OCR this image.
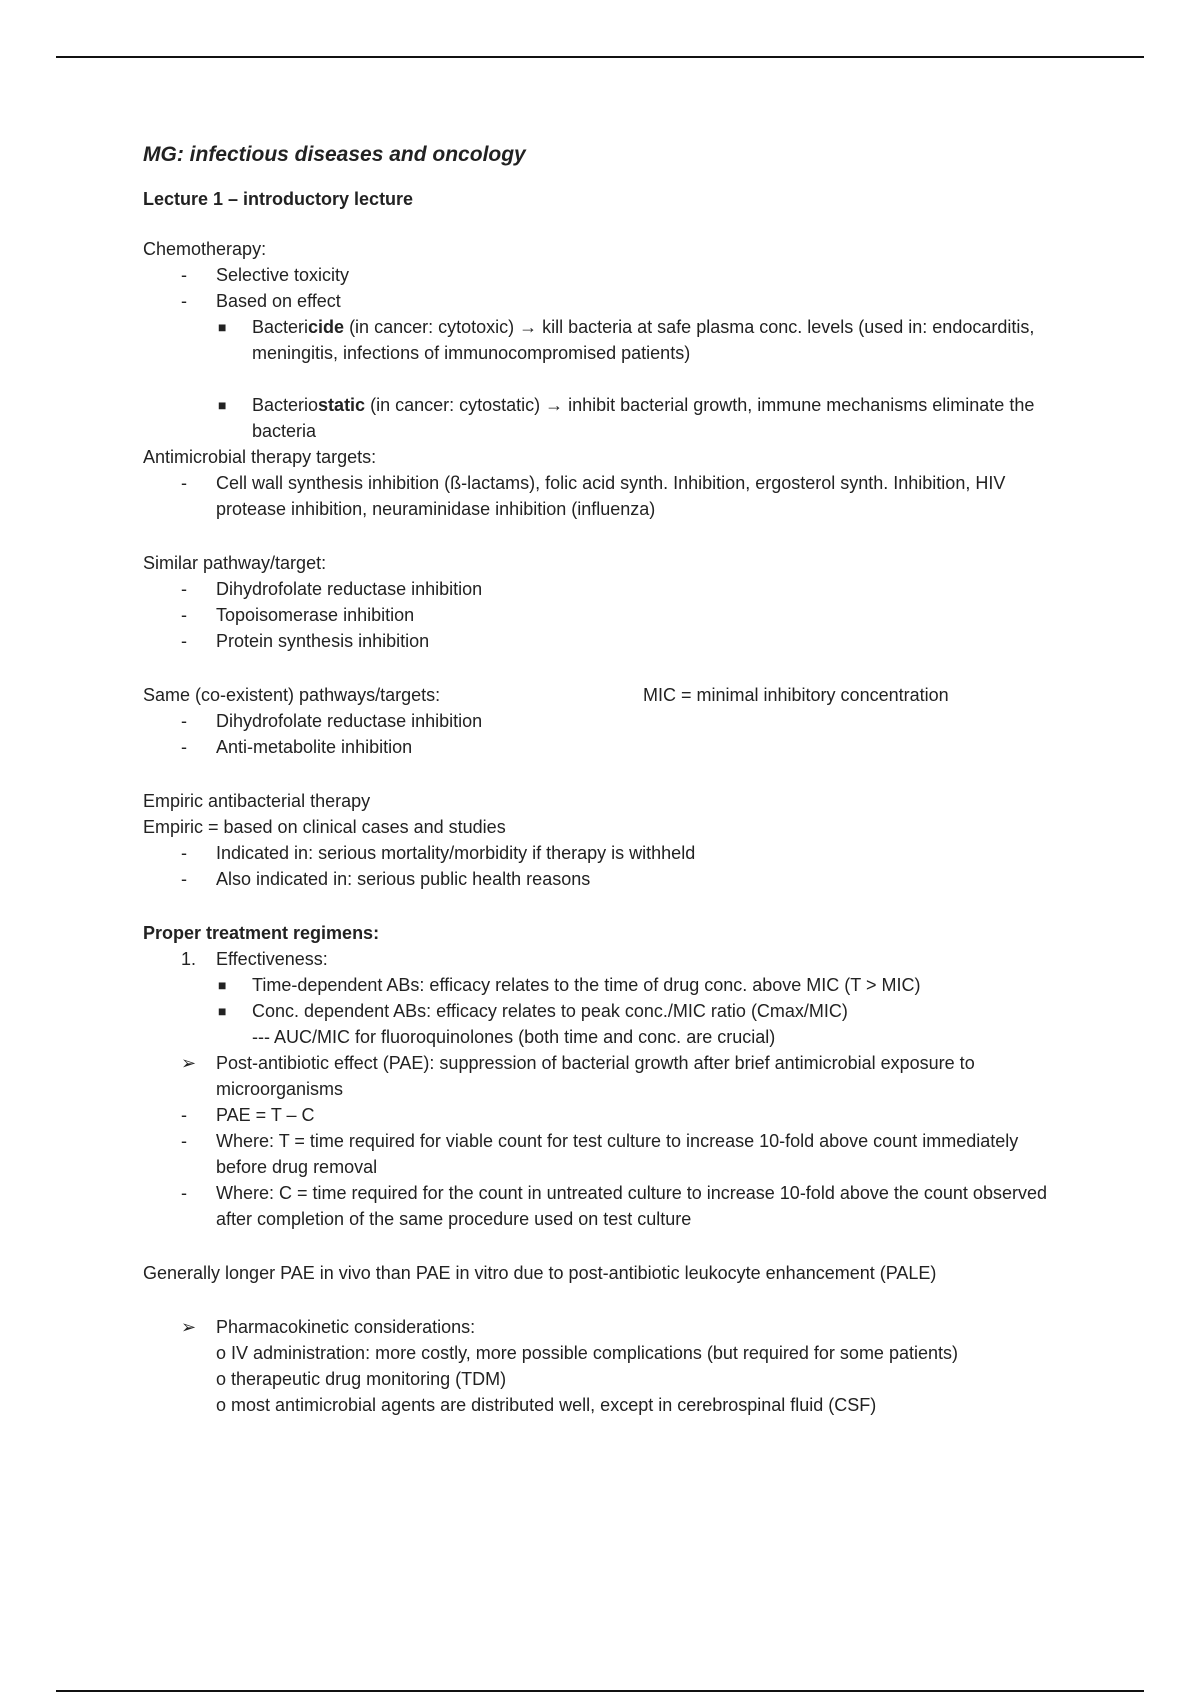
MG: infectious diseases and oncology

Lecture 1 – introductory lecture

Chemotherapy:

- Selective toxicity

- Based on effect

■ Bactericide (in cancer: cytotoxic) → kill bacteria at safe plasma conc. levels (used in: endocarditis, meningitis, infections of immunocompromised patients)

■ Bacteriostatic (in cancer: cytostatic) → inhibit bacterial growth, immune mechanisms eliminate the bacteria

Antimicrobial therapy targets:

- Cell wall synthesis inhibition (ß-lactams), folic acid synth. Inhibition, ergosterol synth. Inhibition, HIV protease inhibition, neuraminidase inhibition (influenza)

Similar pathway/target:

- Dihydrofolate reductase inhibition

- Topoisomerase inhibition

- Protein synthesis inhibition

Same (co-existent) pathways/targets:	MIC = minimal inhibitory concentration

- Dihydrofolate reductase inhibition

- Anti-metabolite inhibition

Empiric antibacterial therapy

Empiric = based on clinical cases and studies

- Indicated in: serious mortality/morbidity if therapy is withheld

- Also indicated in: serious public health reasons

Proper treatment regimens:

1. Effectiveness:

■ Time-dependent ABs: efficacy relates to the time of drug conc. above MIC (T > MIC)

■ Conc. dependent ABs: efficacy relates to peak conc./MIC ratio (Cmax/MIC)

--- AUC/MIC for fluoroquinolones (both time and conc. are crucial)

➢ Post-antibiotic effect (PAE): suppression of bacterial growth after brief antimicrobial exposure to microorganisms

- PAE = T – C

- Where: T = time required for viable count for test culture to increase 10-fold above count immediately before drug removal

- Where: C = time required for the count in untreated culture to increase 10-fold above the count observed after completion of the same procedure used on test culture

Generally longer PAE in vivo than PAE in vitro due to post-antibiotic leukocyte enhancement (PALE)

➢ Pharmacokinetic considerations:

o IV administration: more costly, more possible complications (but required for some patients)

o therapeutic drug monitoring (TDM)

o most antimicrobial agents are distributed well, except in cerebrospinal fluid (CSF)
